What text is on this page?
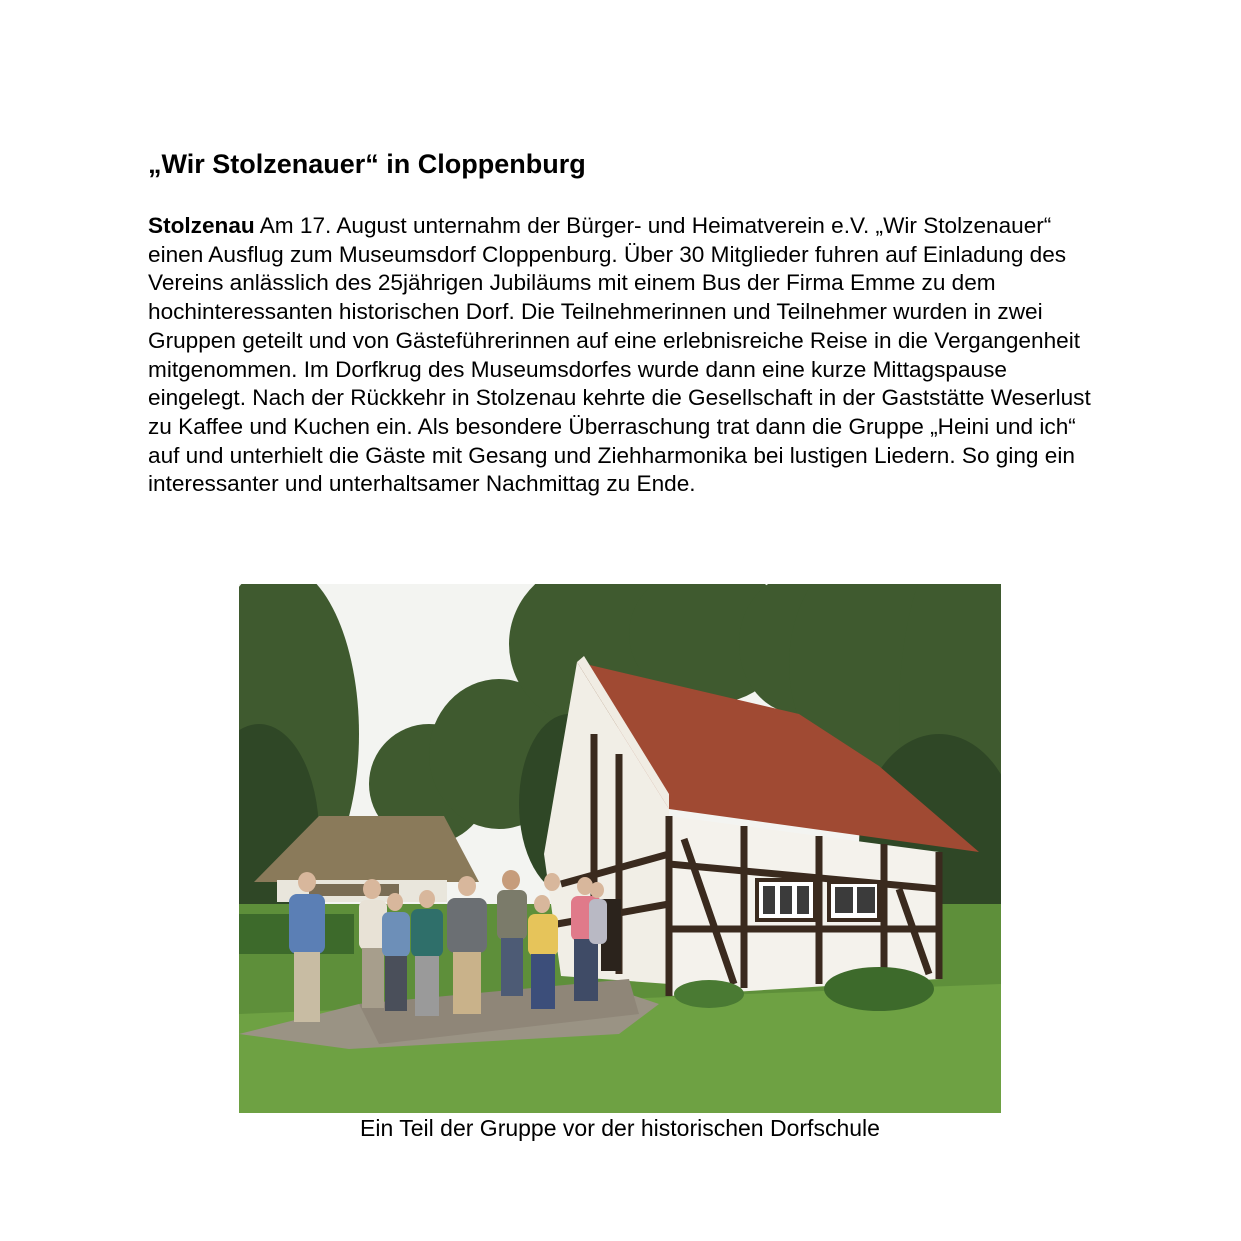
„Wir Stolzenauer“ in Cloppenburg

Stolzenau Am 17. August unternahm der Bürger- und Heimatverein e.V. „Wir Stolzenauer“ einen Ausflug zum Museumsdorf Cloppenburg. Über 30 Mitglieder fuhren auf Einladung des Vereins anlässlich des 25jährigen Jubiläums mit einem Bus der Firma Emme zu dem hochinteressanten historischen Dorf. Die Teilnehmerinnen und Teilnehmer wurden in zwei Gruppen geteilt und von Gästeführerinnen auf eine erlebnisreiche Reise in die Vergangenheit mitgenommen. Im Dorfkrug des Museumsdorfes wurde dann eine kurze Mittagspause eingelegt. Nach der Rückkehr in Stolzenau kehrte die Gesellschaft in der Gaststätte Weserlust zu Kaffee und Kuchen ein. Als besondere Überraschung trat dann die Gruppe „Heini und ich“ auf und unterhielt die Gäste mit Gesang und Ziehharmonika bei lustigen Liedern. So ging ein interessanter und unterhaltsamer Nachmittag zu Ende.

Ein Teil der Gruppe vor der historischen Dorfschule
